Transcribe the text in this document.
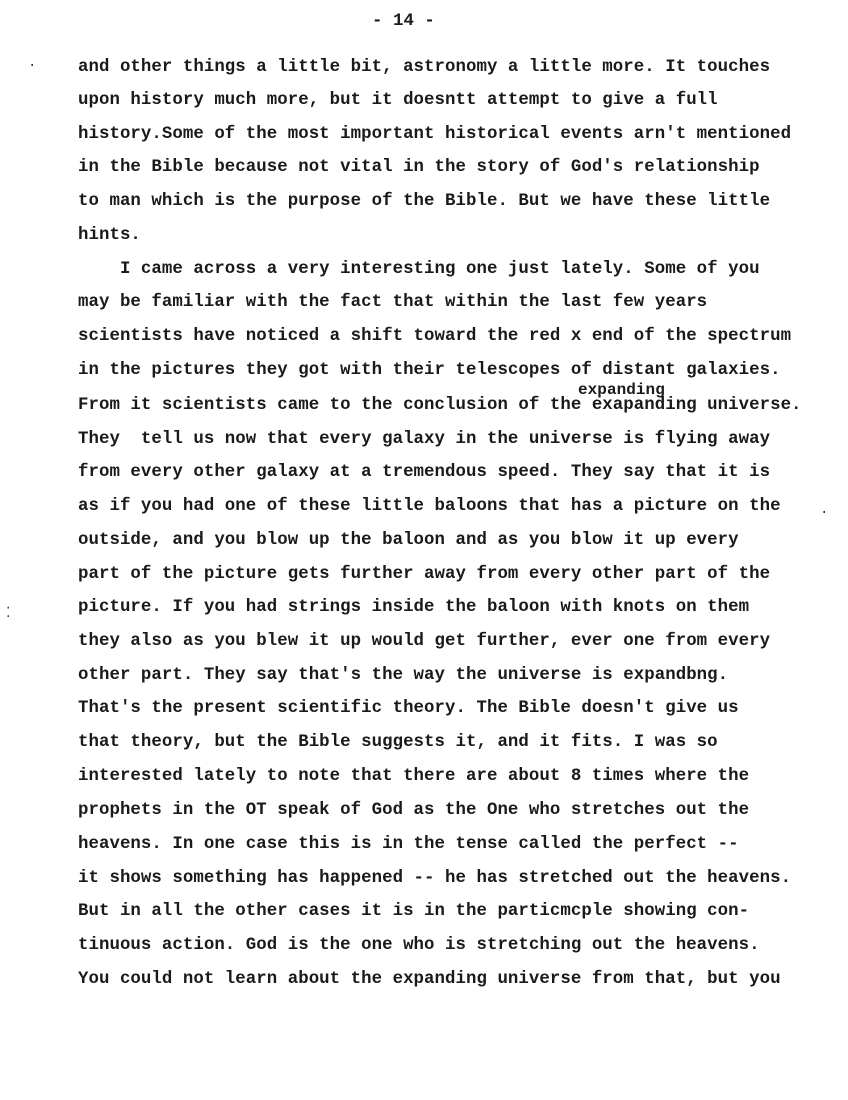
- 14 -
and other things a little bit, astronomy a little more. It touches
upon history much more, but it doesntt attempt to give a full
history.Some of the most important historical events arn't mentioned
in the Bible because not vital in the story of God's relationship
to man which is the purpose of the Bible. But we have these little
hints.
I came across a very interesting one just lately. Some of you
may be familiar with the fact that within the last few years
scientists have noticed a shift toward the red x end of the spectrum
in the pictures they got with their telescopes of distant galaxies.
From it scientists came to the conclusion of the exapanding universe.
They  tell us now that every galaxy in the universe is flying away
from every other galaxy at a tremendous speed. They say that it is
as if you had one of these little baloons that has a picture on the
outside, and you blow up the baloon and as you blow it up every
part of the picture gets further away from every other part of the
picture. If you had strings inside the baloon with knots on them
they also as you blew it up would get further, ever one from every
other part. They say that's the way the universe is expandbng.
That's the present scientific theory. The Bible doesn't give us
that theory, but the Bible suggests it, and it fits. I was so
interested lately to note that there are about 8 times where the
prophets in the OT speak of God as the One who stretches out the
heavens. In one case this is in the tense called the perfect --
it shows something has happened -- he has stretched out the heavens.
But in all the other cases it is in the particmcple showing con-
tinuous action. God is the one who is stretching out the heavens.
You could not learn about the expanding universe from that, but you
expanding
·
·
⁚
